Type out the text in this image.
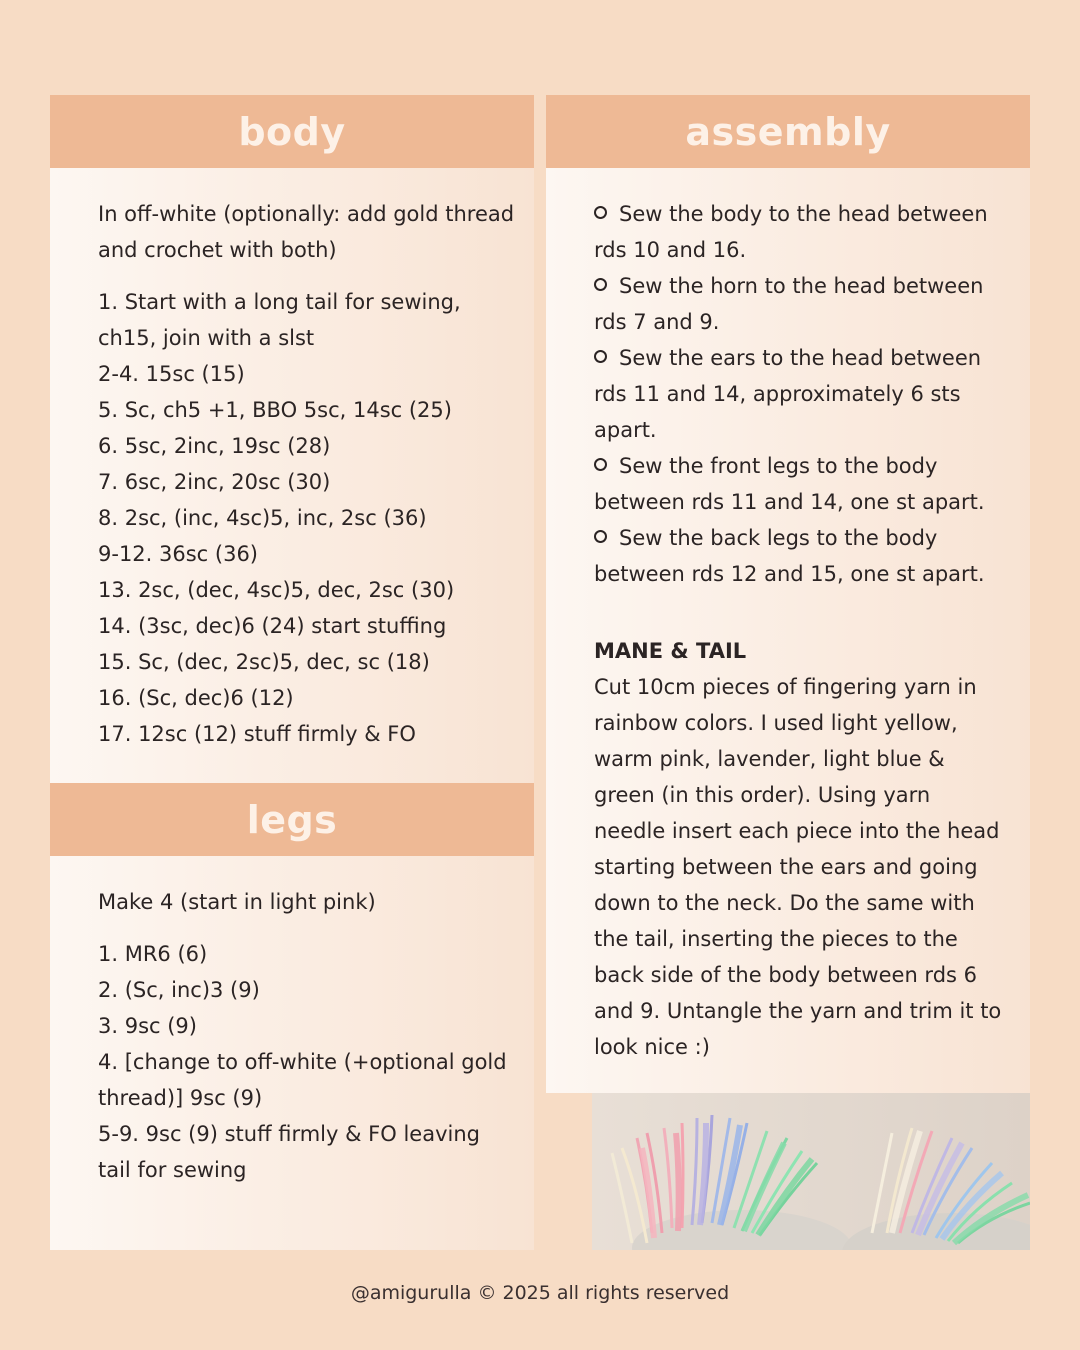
body

In off-white (optionally: add gold thread and crochet with both)

1. Start with a long tail for sewing, ch15, join with a slst

2-4. 15sc (15)

5. Sc, ch5 +1, BBO 5sc, 14sc (25)

6. 5sc, 2inc, 19sc (28)

7. 6sc, 2inc, 20sc (30)

8. 2sc, (inc, 4sc)5, inc, 2sc (36)

9-12. 36sc (36)

13. 2sc, (dec, 4sc)5, dec, 2sc (30)

14. (3sc, dec)6 (24) start stuffing

15. Sc, (dec, 2sc)5, dec, sc (18)

16. (Sc, dec)6 (12)

17. 12sc (12) stuff firmly & FO

legs

Make 4 (start in light pink)

1. MR6 (6)

2. (Sc, inc)3 (9)

3. 9sc (9)

4. [change to off-white (+optional gold thread)] 9sc (9)

5-9. 9sc (9) stuff firmly & FO leaving tail for sewing

assembly

Sew the body to the head between rds 10 and 16.

Sew the horn to the head between rds 7 and 9.

Sew the ears to the head between rds 11 and 14, approximately 6 sts apart.

Sew the front legs to the body between rds 11 and 14, one st apart.

Sew the back legs to the body between rds 12 and 15, one st apart.

MANE & TAIL

Cut 10cm pieces of fingering yarn in rainbow colors. I used light yellow, warm pink, lavender, light blue & green (in this order). Using yarn needle insert each piece into the head starting between the ears and going down to the neck. Do the same with the tail, inserting the pieces to the back side of the body between rds 6 and 9. Untangle the yarn and trim it to look nice :)

@amigurulla © 2025 all rights reserved
